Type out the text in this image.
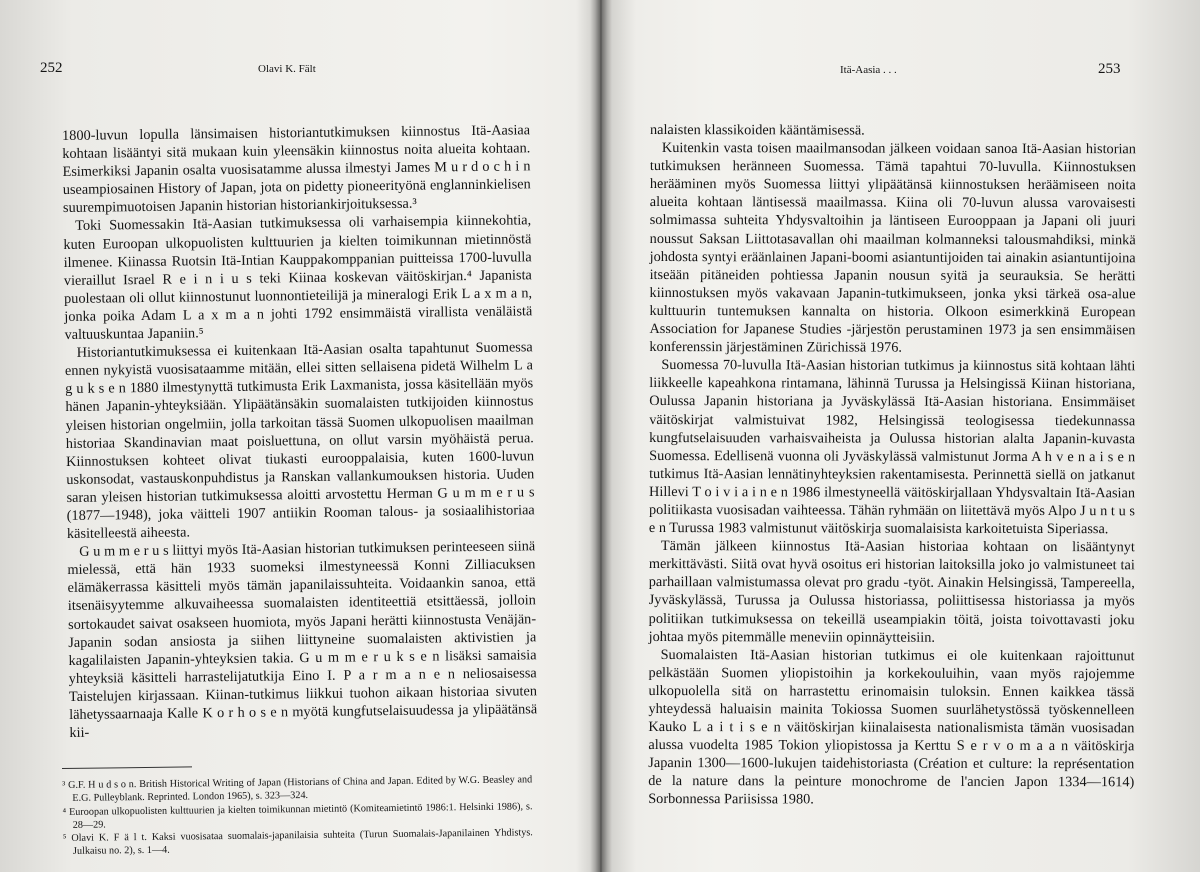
252	Olavi K. Fält

1800-luvun lopulla länsimaisen historiantutkimuksen kiinnostus Itä-Aasiaa kohtaan lisääntyi sitä mukaan kuin yleensäkin kiinnostus noita alueita kohtaan. Esimerkiksi Japanin osalta vuosisatamme alussa ilmestyi James M u r d o c h i n useampiosainen History of Japan, jota on pidetty pioneerityönä englanninkielisen suurempimuotoisen Japanin historian historiankirjoituksessa.³

Toki Suomessakin Itä-Aasian tutkimuksessa oli varhaisempia kiinnekohtia, kuten Euroopan ulkopuolisten kulttuurien ja kielten toimikunnan mietinnöstä ilmenee. Kiinassa Ruotsin Itä-Intian Kauppakomppanian puitteissa 1700-luvulla vieraillut Israel R e i n i u s teki Kiinaa koskevan väitöskirjan.⁴ Japanista puolestaan oli ollut kiinnostunut luonnontieteilijä ja mineralogi Erik L a x m a n, jonka poika Adam L a x m a n johti 1792 ensimmäistä virallista venäläistä valtuuskuntaa Japaniin.⁵

Historiantutkimuksessa ei kuitenkaan Itä-Aasian osalta tapahtunut Suomessa ennen nykyistä vuosisataamme mitään, ellei sitten sellaisena pidetä Wilhelm L a g u k s e n 1880 ilmestynyttä tutkimusta Erik Laxmanista, jossa käsitellään myös hänen Japanin-yhteyksiään. Ylipäätänsäkin suomalaisten tutkijoiden kiinnostus yleisen historian ongelmiin, jolla tarkoitan tässä Suomen ulkopuolisen maailman historiaa Skandinavian maat poisluettuna, on ollut varsin myöhäistä perua. Kiinnostuksen kohteet olivat tiukasti eurooppalaisia, kuten 1600-luvun uskonsodat, vastauskonpuhdistus ja Ranskan vallankumouksen historia. Uuden saran yleisen historian tutkimuksessa aloitti arvostettu Herman G u m m e r u s (1877—1948), joka väitteli 1907 antiikin Rooman talous- ja sosiaalihistoriaa käsitelleestä aiheesta.

G u m m e r u s liittyi myös Itä-Aasian historian tutkimuksen perinteeseen siinä mielessä, että hän 1933 suomeksi ilmestyneessä Konni Zilliacuksen elämäkerrassa käsitteli myös tämän japanilaissuhteita. Voidaankin sanoa, että itsenäisyytemme alkuvaiheessa suomalaisten identiteettiä etsittäessä, jolloin sortokaudet saivat osakseen huomiota, myös Japani herätti kiinnostusta Venäjän-Japanin sodan ansiosta ja siihen liittyneine suomalaisten aktivistien ja kagalilaisten Japanin-yhteyksien takia. G u m m e r u k s e n lisäksi samaisia yhteyksiä käsitteli harrastelijatutkija Eino I. P a r m a n e n neliosaisessa Taistelujen kirjassaan. Kiinan-tutkimus liikkui tuohon aikaan historiaa sivuten lähetyssaarnaaja Kalle K o r h o s e n myötä kungfutselaisuudessa ja ylipäätänsä kii-

³ G.F. H u d s o n. British Historical Writing of Japan (Historians of China and Japan. Edited by W.G. Beasley and E.G. Pulleyblank. Reprinted. London 1965), s. 323—324.

⁴ Euroopan ulkopuolisten kulttuurien ja kielten toimikunnan mietintö (Komiteamietintö 1986:1. Helsinki 1986), s. 28—29.

⁵ Olavi K. F ä l t. Kaksi vuosisataa suomalais-japanilaisia suhteita (Turun Suomalais-Japanilainen Yhdistys. Julkaisu no. 2), s. 1—4.

Itä-Aasia . . .	253

nalaisten klassikoiden kääntämisessä.

Kuitenkin vasta toisen maailmansodan jälkeen voidaan sanoa Itä-Aasian historian tutkimuksen heränneen Suomessa. Tämä tapahtui 70-luvulla. Kiinnostuksen herääminen myös Suomessa liittyi ylipäätänsä kiinnostuksen heräämiseen noita alueita kohtaan läntisessä maailmassa. Kiina oli 70-luvun alussa varovaisesti solmimassa suhteita Yhdysvaltoihin ja läntiseen Eurooppaan ja Japani oli juuri noussut Saksan Liittotasavallan ohi maailman kolmanneksi talousmahdiksi, minkä johdosta syntyi eräänlainen Japani-boomi asiantuntijoiden tai ainakin asiantuntijoina itseään pitäneiden pohtiessa Japanin nousun syitä ja seurauksia. Se herätti kiinnostuksen myös vakavaan Japanin-tutkimukseen, jonka yksi tärkeä osa-alue kulttuurin tuntemuksen kannalta on historia. Olkoon esimerkkinä European Association for Japanese Studies -järjestön perustaminen 1973 ja sen ensimmäisen konferenssin järjestäminen Zürichissä 1976.

Suomessa 70-luvulla Itä-Aasian historian tutkimus ja kiinnostus sitä kohtaan lähti liikkeelle kapeahkona rintamana, lähinnä Turussa ja Helsingissä Kiinan historiana, Oulussa Japanin historiana ja Jyväskylässä Itä-Aasian historiana. Ensimmäiset väitöskirjat valmistuivat 1982, Helsingissä teologisessa tiedekunnassa kungfutselaisuuden varhaisvaiheista ja Oulussa historian alalta Japanin-kuvasta Suomessa. Edellisenä vuonna oli Jyväskylässä valmistunut Jorma A h v e n a i s e n tutkimus Itä-Aasian lennätinyhteyksien rakentamisesta. Perinnettä siellä on jatkanut Hillevi T o i v i a i n e n 1986 ilmestyneellä väitöskirjallaan Yhdysvaltain Itä-Aasian politiikasta vuosisadan vaihteessa. Tähän ryhmään on liitettävä myös Alpo J u n t u s e n Turussa 1983 valmistunut väitöskirja suomalaisista karkoitetuista Siperiassa.

Tämän jälkeen kiinnostus Itä-Aasian historiaa kohtaan on lisääntynyt merkittävästi. Siitä ovat hyvä osoitus eri historian laitoksilla joko jo valmistuneet tai parhaillaan valmistumassa olevat pro gradu -työt. Ainakin Helsingissä, Tampereella, Jyväskylässä, Turussa ja Oulussa historiassa, poliittisessa historiassa ja myös politiikan tutkimuksessa on tekeillä useampiakin töitä, joista toivottavasti joku johtaa myös pitemmälle meneviin opinnäytteisiin.

Suomalaisten Itä-Aasian historian tutkimus ei ole kuitenkaan rajoittunut pelkästään Suomen yliopistoihin ja korkekouluihin, vaan myös rajojemme ulkopuolella sitä on harrastettu erinomaisin tuloksin. Ennen kaikkea tässä yhteydessä haluaisin mainita Tokiossa Suomen suurlähetystössä työskennelleen Kauko L a i t i s e n väitöskirjan kiinalaisesta nationalismista tämän vuosisadan alussa vuodelta 1985 Tokion yliopistossa ja Kerttu S e r v o m a a n väitöskirja Japanin 1300—1600-lukujen taidehistoriasta (Création et culture: la représentation de la nature dans la peinture monochrome de l'ancien Japon 1334—1614) Sorbonnessa Pariisissa 1980.
